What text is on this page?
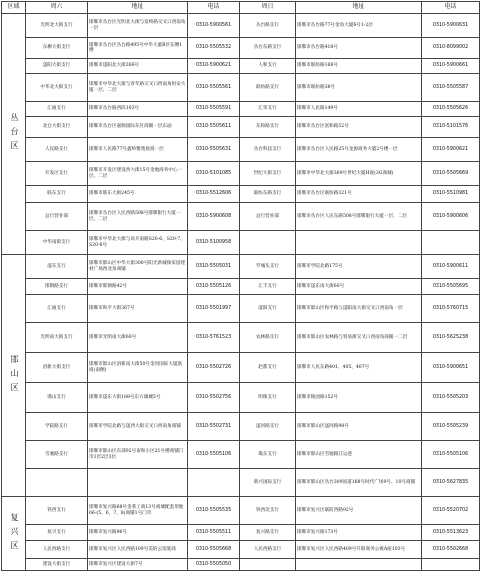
区域	周六	地址	电话	周日	地址	电话
丛台区	光明北大街支行	邯郸市丛台区光明北大街与发岭路交叉口西南角一层	0310-5900561	丛台路支行	邯郸市丛台路77号金角大厦6号1-2层	0310-5900631
	东柳大街支行	邯郸市丛台区丛台路495号中华大厦B区东侧1楼	0310-5505532	丛台东路支行	邯郸市丛台路418号	0310-8099002
	滏阳大街支行	邯郸市滏阳北大街266号	0310-5900621	人和支行	邯郸市联纺路168号	0310-5900661
	中华北大街支行	邯郸市中华北大街与青年路交叉口西南角恒安大厦一层、二层	0310-5505561	联纺路支行	邯郸市联纺路38号	0310-5505587
	汇通支行	邯郸市丛台路西段103号	0310-5505591	汇荣支行	邯郸市人民路149号	0310-5505626
	北仓大街支行	邯郸市丛台区嘉源国际东区商铺一层东面	0310-5505611	东和路支行	邯郸市丛台区富和路52号	0310-5101576
	人民路支行	邯郸市人民路77号鑫岭雅苑底商一层	0310-5505631	丛台科技支行	邯郸市丛台区人民路25号龙源商务大厦2号楼一层	0310-5900621
	开发区支行	邯郸市开发区建设西大街15号金地商务中心一层、二层	0310-5101085	世纪大街支行	邯郸市中华北大街369号世纪大厦H座(3G商城)	0310-5505669
	联东支行	邯郸市联东大街245号	0310-5512606	联纺东路支行	邯郸市丛台区联纺路321号	0310-5510981
	总行营业部	邯郸市丛台区人民西路508号邯郸银行大厦一层、二层	0310-5900608	总行营业部	邯郸市丛台区人民东路508号邯郸银行大厦一层、二层	0310-5900606
	中华南街支行	邯郸市中华北大街与高开南路S20-6、S20-7、S20-8号	0310-5100958			
邯山区	滏东支行	邯郸市邯山区中华大街300号阳光新城保家园建材广场西北角商铺	0310-5505031	罗城头支行	邯郸市学院北路175号	0310-5900611
	邯钢路支行	邯郸市邯钢路42号	0310-5505126	汇丰支行	邯郸市滏东南大街60号	0310-5505695
	汇通支行	邯郸市和平大街367号	0310-5501997	滏阳支行	邯郸市邯山区和平路与滏阳南大街交叉口西南角一层	0310-5760715
	光明南大街支行	邯郸市光明南大街60号	0310-5761523	农林路支行	邯郸市邯山区农林路与贸易街交叉口西南角商铺一二层	0310-5625238
	浴新大街支行	邯郸市邯山区浴新南大街50号金河国际大厦底商(南侧)	0310-5502726	赵都支行	邯郸市人民东路401、405、407号	0310-5900651
	邯山支行	邯郸市滏东大街168号东方雄城5号	0310-5502756	明珠支行	邯郸市陵园路152号	0310-5505203
	学院路支行	邯郸市学院北路与滏西大街交叉口西南角商铺	0310-5502731	滏河路支行	邯郸市邯山区滏河路98号	0310-5505239
	雪驰路支行	邯郸市邯山区东部92号泰和小区21号楼商铺门市1层2层3层	0310-5505106	箴东支行	邯郸市邯山区雪驰路江运巷	0310-5505106
				新兴国际支行	邯郸市邯山区丛台309国道168号时代广场9号、10号商铺	0310-5627835
复兴区	铁西支行	邯郸市复兴路68号金茶工商13号商城配套用地66-(5、6、7、8)商铺1号门市	0310-5505535	铁西北支行	邯郸市复兴区联防西路92号	0310-5520702
	复兴支行	邯郸市复兴路96号	0310-5505511	复兴路支行	邯郸市复兴路173号	0310-5513623
	人民西路支行	邯郸市复兴区人民西路109号美的公馆底商	0310-5505668	人民西路支行	邯郸市复兴区人民西路409号升阳商务公寓A座103号	0310-5502668
	建设大街支行	邯郸市复兴区建设大街7号	0310-5505050			
